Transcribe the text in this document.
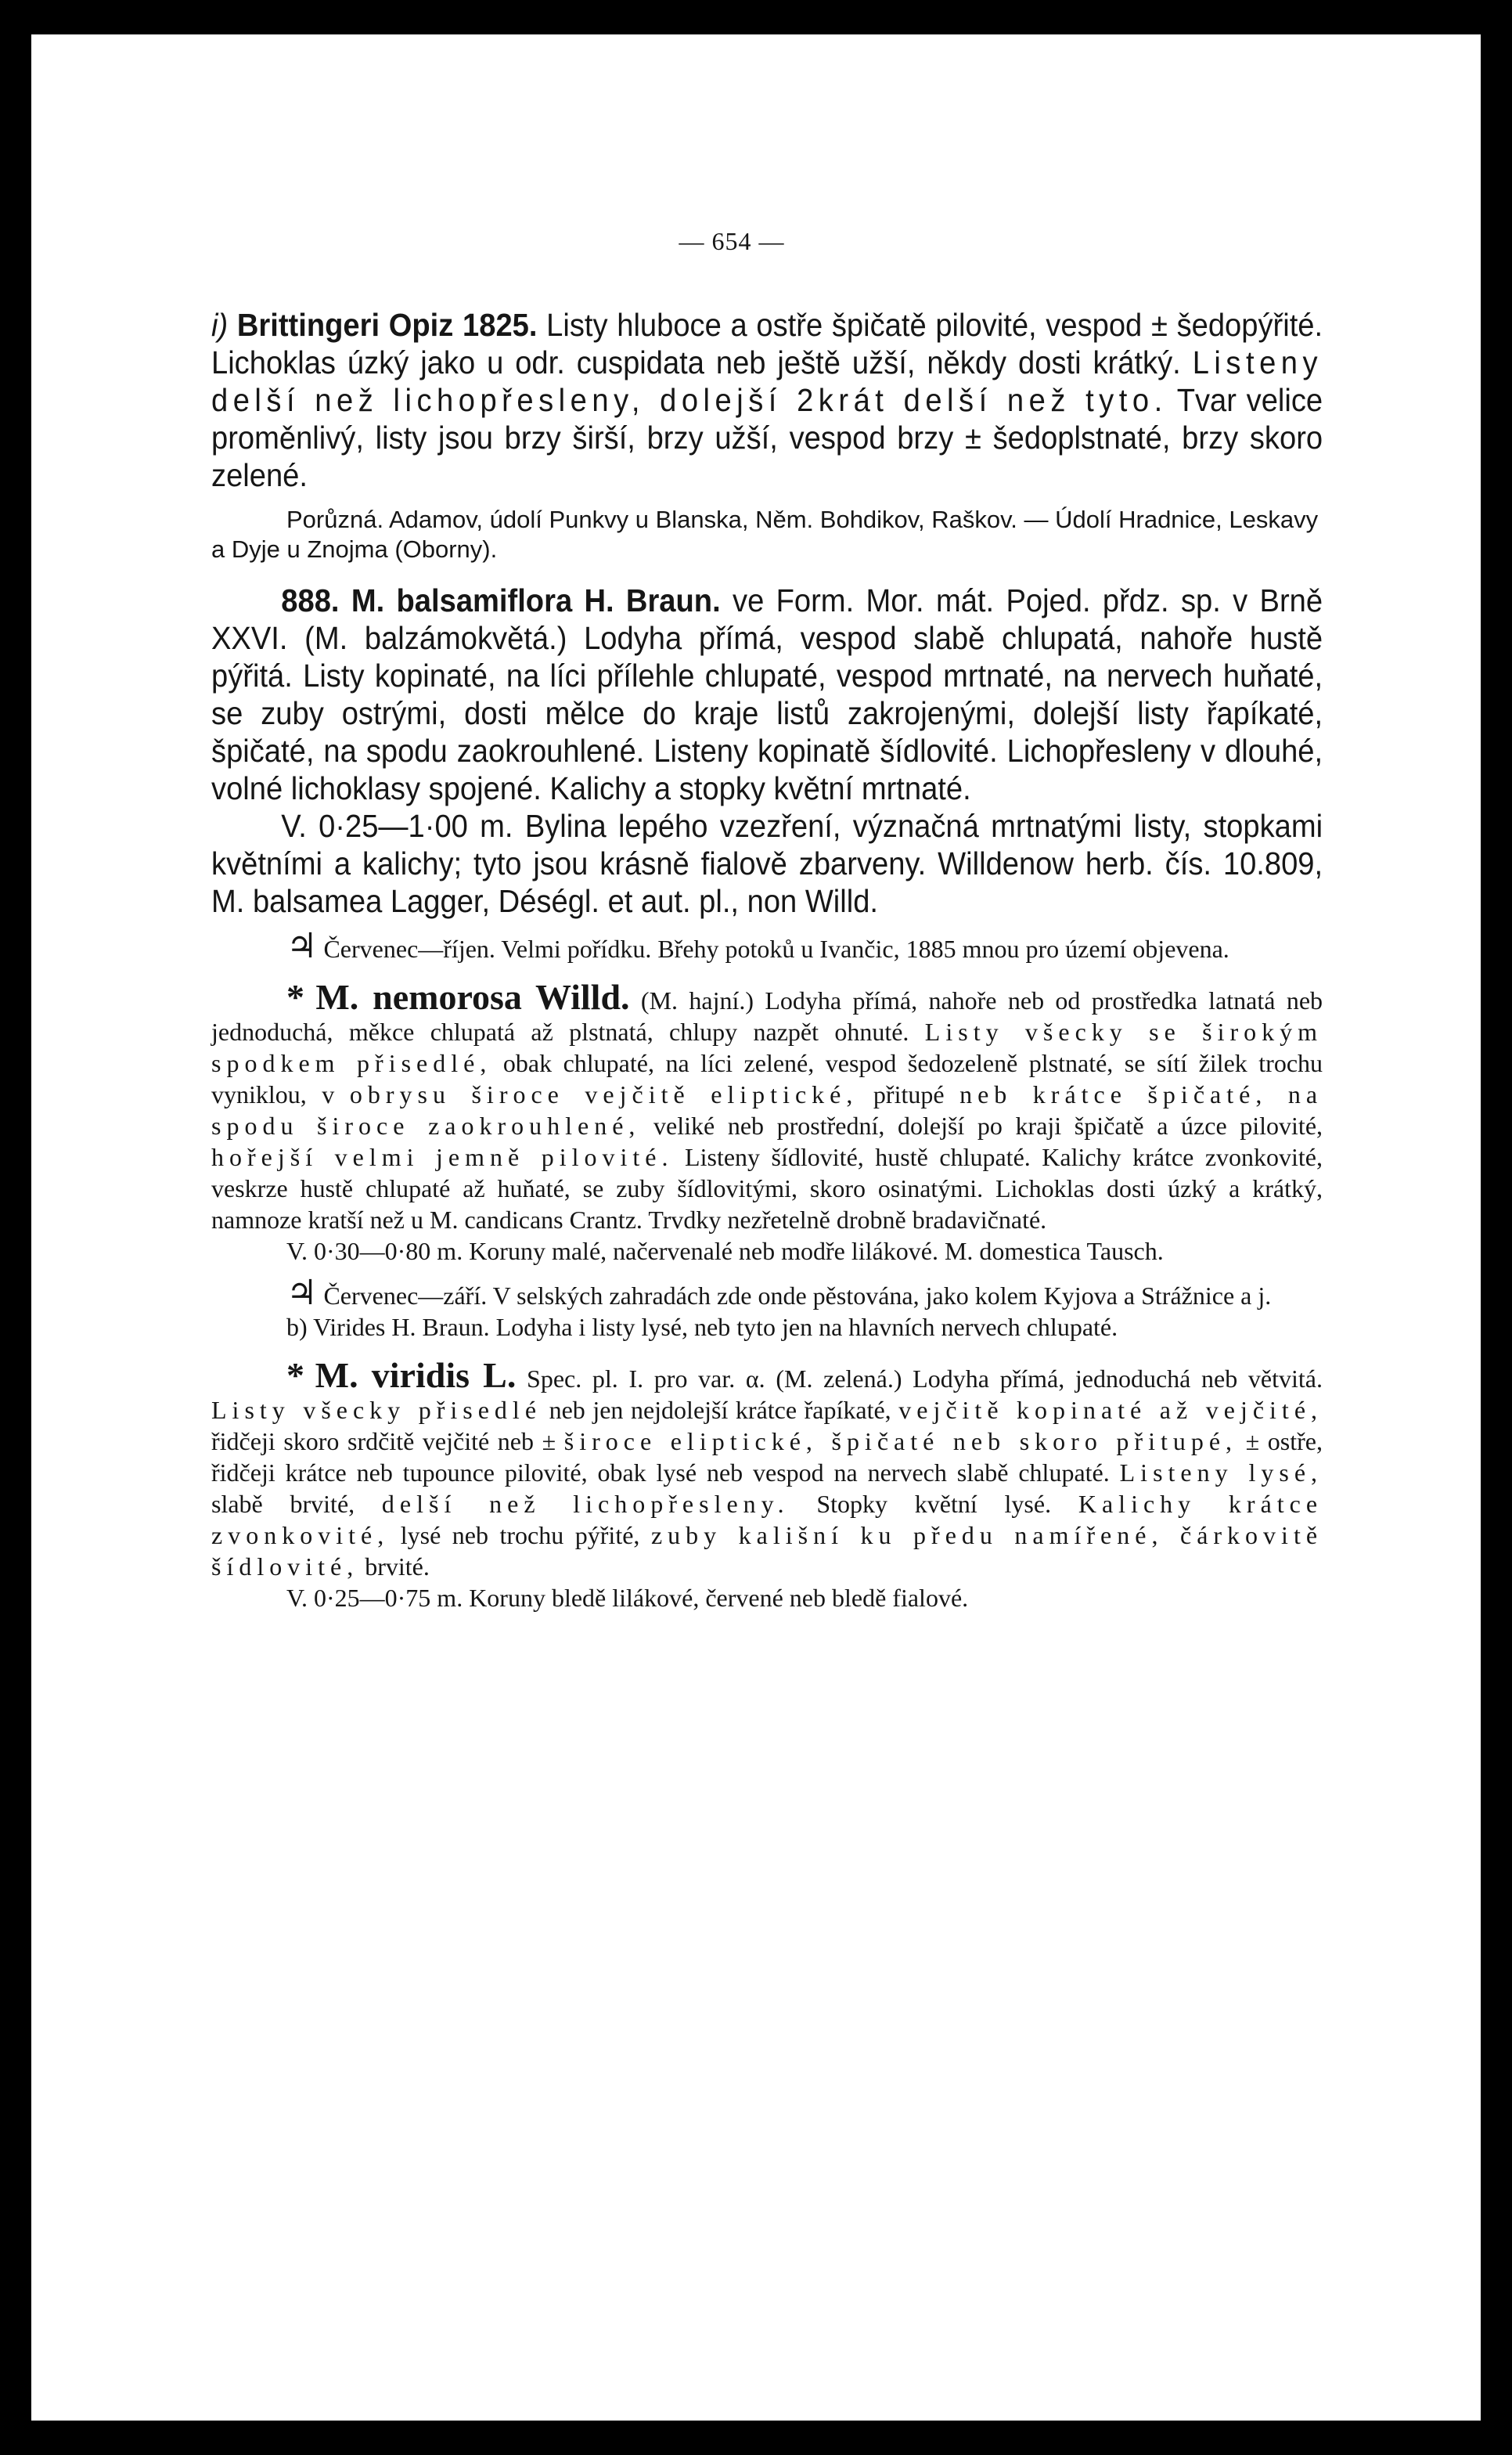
— 654 —

i) Brittingeri Opiz 1825. Listy hluboce a ostře špičatě pilovité, vespod ± šedopýřité. Lichoklas úzký jako u odr. cuspidata neb ještě užší, někdy dosti krátký. Listeny delší než lichopřesleny, dolejší 2krát delší než tyto. Tvar velice proměnlivý, listy jsou brzy širší, brzy užší, vespod brzy ± šedoplstnaté, brzy skoro zelené.

Porůzná. Adamov, údolí Punkvy u Blanska, Něm. Bohdikov, Raškov. — Údolí Hradnice, Leskavy a Dyje u Znojma (Oborny).

888. M. balsamiflora H. Braun. ve Form. Mor. mát. Pojed. přdz. sp. v Brně XXVI. (M. balzámokvětá.) Lodyha přímá, vespod slabě chlupatá, nahoře hustě pýřitá. Listy kopinaté, na líci přílehle chlupaté, vespod mrtnaté, na nervech huňaté, se zuby ostrými, dosti mělce do kraje listů zakrojenými, dolejší listy řapíkaté, špičaté, na spodu zaokrouhlené. Listeny kopinatě šídlovité. Lichopřesleny v dlouhé, volné lichoklasy spojené. Kalichy a stopky květní mrtnaté.

V. 0·25—1·00 m. Bylina lepého vzezření, význačná mrtnatými listy, stopkami květními a kalichy; tyto jsou krásně fialově zbarveny. Willdenow herb. čís. 10.809, M. balsamea Lagger, Déségl. et aut. pl., non Willd.

♃ Červenec—říjen. Velmi pořídku. Břehy potoků u Ivančic, 1885 mnou pro území objevena.

* M. nemorosa Willd. (M. hajní.) Lodyha přímá, nahoře neb od prostředka latnatá neb jednoduchá, měkce chlupatá až plstnatá, chlupy nazpět ohnuté. Listy všecky se širokým spodkem přisedlé, obak chlupaté, na líci zelené, vespod šedozeleně plstnaté, se sítí žilek trochu vyniklou, v obrysu široce vejčitě eliptické, přitupé neb krátce špičaté, na spodu široce zaokrouhlené, veliké neb prostřední, dolejší po kraji špičatě a úzce pilovité, hořejší velmi jemně pilovité. Listeny šídlovité, hustě chlupaté. Kalichy krátce zvonkovité, veskrze hustě chlupaté až huňaté, se zuby šídlovitými, skoro osinatými. Lichoklas dosti úzký a krátký, namnoze kratší než u M. candicans Crantz. Trvdky nezřetelně drobně bradavičnaté.

V. 0·30—0·80 m. Koruny malé, načervenalé neb modře lilákové. M. domestica Tausch.

♃ Červenec—září. V selských zahradách zde onde pěstována, jako kolem Kyjova a Strážnice a j.

b) Virides H. Braun. Lodyha i listy lysé, neb tyto jen na hlavních nervech chlupaté.

* M. viridis L. Spec. pl. I. pro var. α. (M. zelená.) Lodyha přímá, jednoduchá neb větvitá. Listy všecky přisedlé neb jen nejdolejší krátce řapíkaté, vejčitě kopinaté až vejčité, řidčeji skoro srdčitě vejčité neb ± široce eliptické, špičaté neb skoro přitupé, ± ostře, řidčeji krátce neb tupounce pilovité, obak lysé neb vespod na nervech slabě chlupaté. Listeny lysé, slabě brvité, delší než lichopřesleny. Stopky květní lysé. Kalichy krátce zvonkovité, lysé neb trochu pýřité, zuby kališní ku předu namířené, čárkovitě šídlovité, brvité.

V. 0·25—0·75 m. Koruny bledě lilákové, červené neb bledě fialové.
